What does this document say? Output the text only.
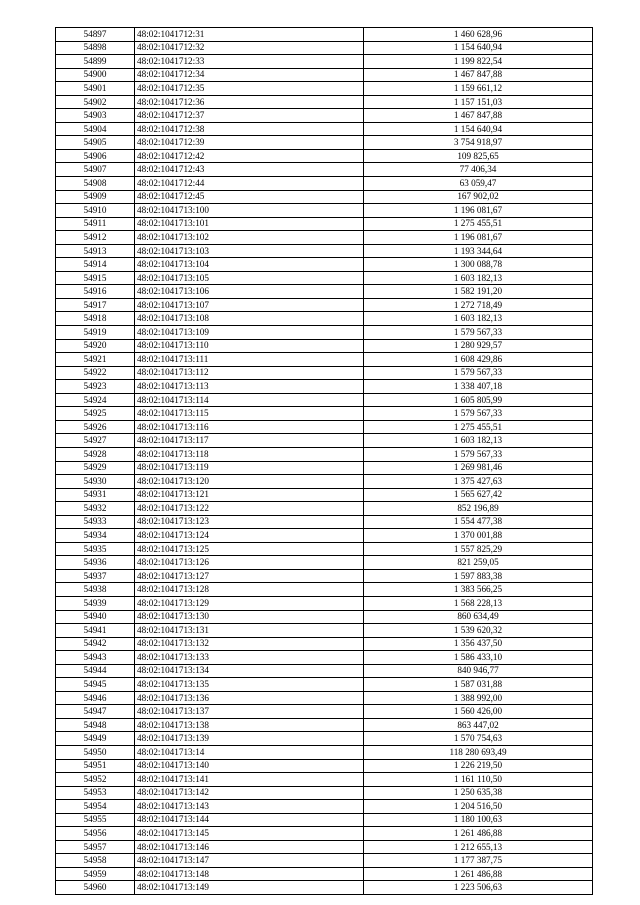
54897	48:02:1041712:31	1 460 628,96
54898	48:02:1041712:32	1 154 640,94
54899	48:02:1041712:33	1 199 822,54
54900	48:02:1041712:34	1 467 847,88
54901	48:02:1041712:35	1 159 661,12
54902	48:02:1041712:36	1 157 151,03
54903	48:02:1041712:37	1 467 847,88
54904	48:02:1041712:38	1 154 640,94
54905	48:02:1041712:39	3 754 918,97
54906	48:02:1041712:42	109 825,65
54907	48:02:1041712:43	77 406,34
54908	48:02:1041712:44	63 059,47
54909	48:02:1041712:45	167 902,02
54910	48:02:1041713:100	1 196 081,67
54911	48:02:1041713:101	1 275 455,51
54912	48:02:1041713:102	1 196 081,67
54913	48:02:1041713:103	1 193 344,64
54914	48:02:1041713:104	1 300 088,78
54915	48:02:1041713:105	1 603 182,13
54916	48:02:1041713:106	1 582 191,20
54917	48:02:1041713:107	1 272 718,49
54918	48:02:1041713:108	1 603 182,13
54919	48:02:1041713:109	1 579 567,33
54920	48:02:1041713:110	1 280 929,57
54921	48:02:1041713:111	1 608 429,86
54922	48:02:1041713:112	1 579 567,33
54923	48:02:1041713:113	1 338 407,18
54924	48:02:1041713:114	1 605 805,99
54925	48:02:1041713:115	1 579 567,33
54926	48:02:1041713:116	1 275 455,51
54927	48:02:1041713:117	1 603 182,13
54928	48:02:1041713:118	1 579 567,33
54929	48:02:1041713:119	1 269 981,46
54930	48:02:1041713:120	1 375 427,63
54931	48:02:1041713:121	1 565 627,42
54932	48:02:1041713:122	852 196,89
54933	48:02:1041713:123	1 554 477,38
54934	48:02:1041713:124	1 370 001,88
54935	48:02:1041713:125	1 557 825,29
54936	48:02:1041713:126	821 259,05
54937	48:02:1041713:127	1 597 883,38
54938	48:02:1041713:128	1 383 566,25
54939	48:02:1041713:129	1 568 228,13
54940	48:02:1041713:130	860 634,49
54941	48:02:1041713:131	1 539 620,32
54942	48:02:1041713:132	1 356 437,50
54943	48:02:1041713:133	1 586 433,10
54944	48:02:1041713:134	840 946,77
54945	48:02:1041713:135	1 587 031,88
54946	48:02:1041713:136	1 388 992,00
54947	48:02:1041713:137	1 560 426,00
54948	48:02:1041713:138	863 447,02
54949	48:02:1041713:139	1 570 754,63
54950	48:02:1041713:14	118 280 693,49
54951	48:02:1041713:140	1 226 219,50
54952	48:02:1041713:141	1 161 110,50
54953	48:02:1041713:142	1 250 635,38
54954	48:02:1041713:143	1 204 516,50
54955	48:02:1041713:144	1 180 100,63
54956	48:02:1041713:145	1 261 486,88
54957	48:02:1041713:146	1 212 655,13
54958	48:02:1041713:147	1 177 387,75
54959	48:02:1041713:148	1 261 486,88
54960	48:02:1041713:149	1 223 506,63
